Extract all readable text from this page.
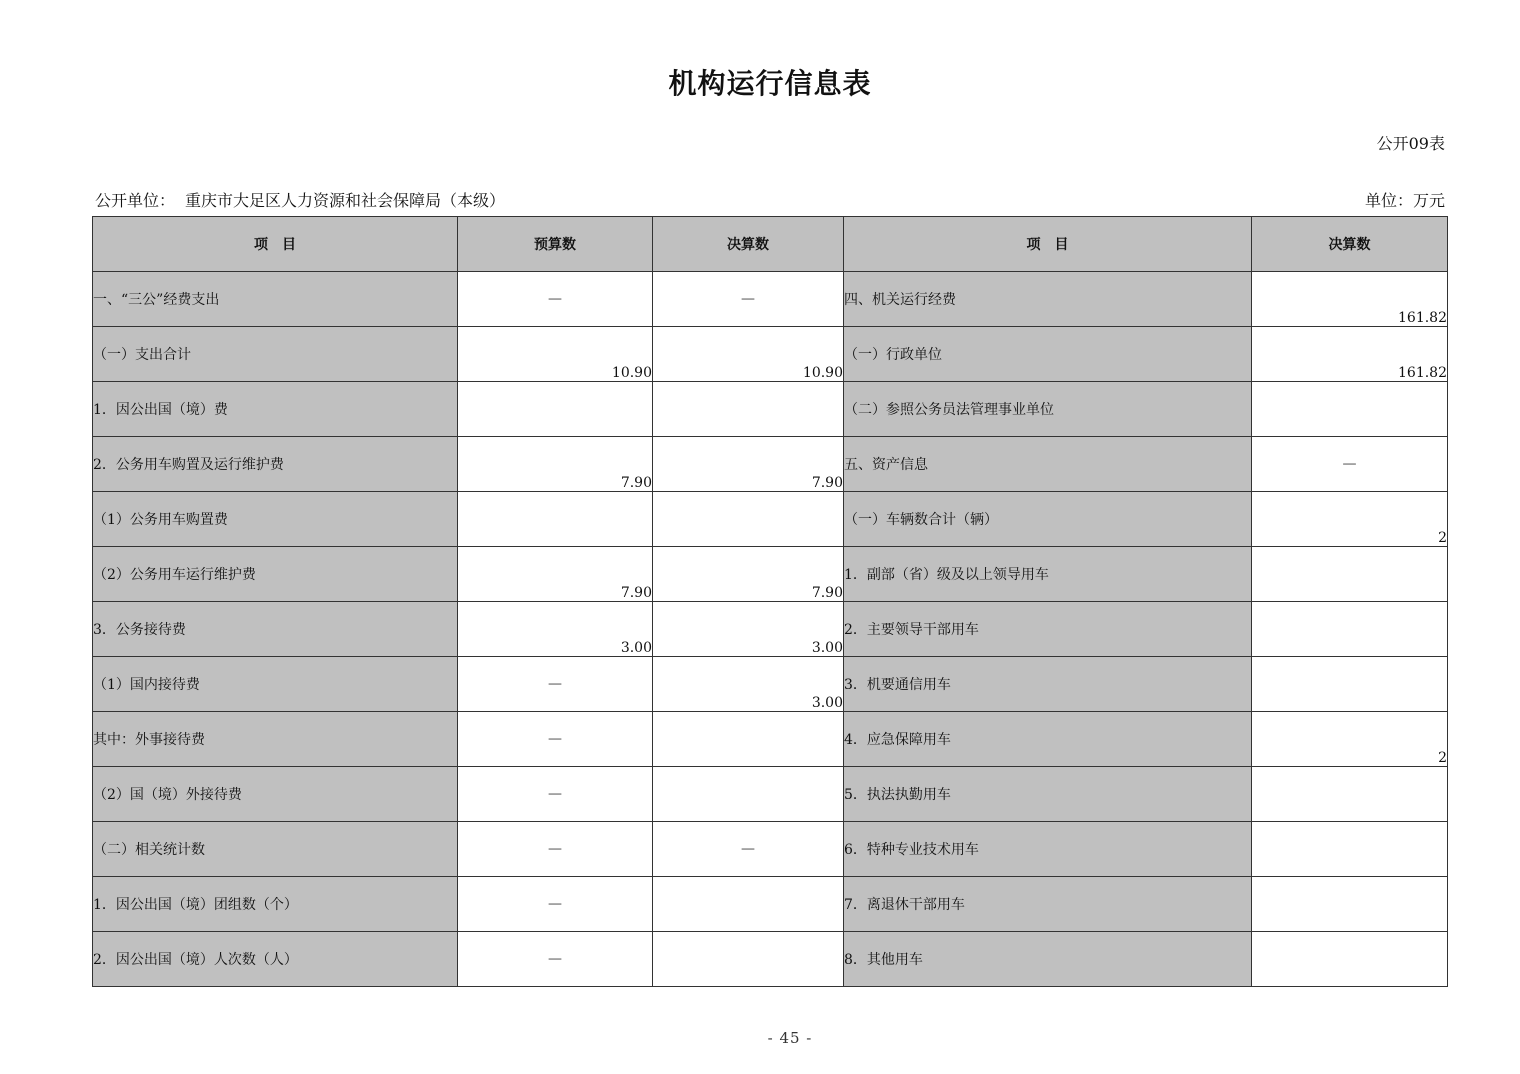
机构运行信息表
公开09表
公开单位： 重庆市大足区人力资源和社会保障局（本级）	单位：万元
项　目	预算数	决算数	项　目	决算数
一、“三公”经费支出	—	—	四、机关运行经费	161.82
（一）支出合计	10.90	10.90	（一）行政单位	161.82
1．因公出国（境）费			（二）参照公务员法管理事业单位	
2．公务用车购置及运行维护费	7.90	7.90	五、资产信息	—
（1）公务用车购置费			（一）车辆数合计（辆）	2
（2）公务用车运行维护费	7.90	7.90	1．副部（省）级及以上领导用车	
3．公务接待费	3.00	3.00	2．主要领导干部用车	
（1）国内接待费	—	3.00	3．机要通信用车	
其中：外事接待费	—		4．应急保障用车	2
（2）国（境）外接待费	—		5．执法执勤用车	
（二）相关统计数	—	—	6．特种专业技术用车	
1．因公出国（境）团组数（个）	—		7．离退休干部用车	
2．因公出国（境）人次数（人）	—		8．其他用车	
- 45 -
